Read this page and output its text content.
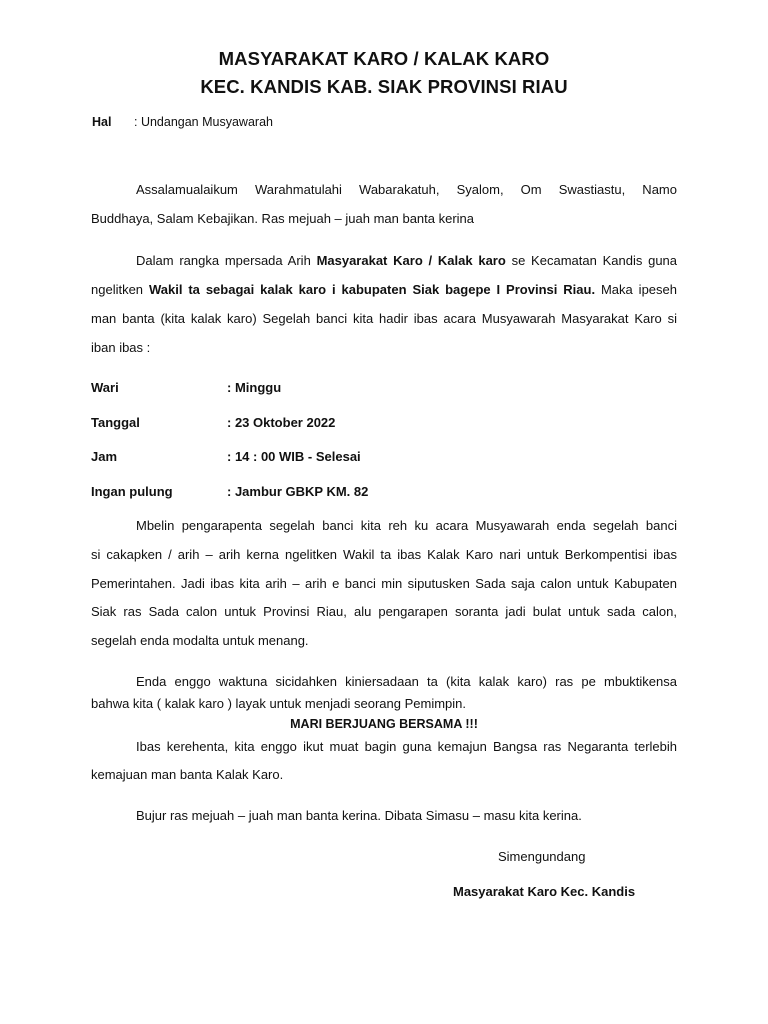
MASYARAKAT KARO / KALAK KARO
KEC. KANDIS KAB. SIAK PROVINSI RIAU
Hal : Undangan Musyawarah
Assalamualaikum Warahmatulahi Wabarakatuh, Syalom, Om Swastiastu, Namo
Buddhaya, Salam Kebajikan. Ras mejuah – juah man banta kerina
Dalam rangka mpersada Arih Masyarakat Karo / Kalak karo se Kecamatan Kandis guna
ngelitken Wakil ta sebagai kalak karo i kabupaten Siak bagepe I Provinsi Riau. Maka ipeseh
man banta (kita kalak karo) Segelah banci kita hadir ibas acara Musyawarah Masyarakat Karo si
iban ibas :
Wari	: Minggu
Tanggal	: 23 Oktober 2022
Jam	: 14 : 00 WIB - Selesai
Ingan pulung	: Jambur GBKP KM. 82
Mbelin pengarapenta segelah banci kita reh ku acara Musyawarah enda segelah banci
si cakapken / arih – arih kerna ngelitken Wakil ta ibas Kalak Karo nari untuk Berkompentisi ibas
Pemerintahen. Jadi ibas kita arih – arih e banci min siputusken Sada saja calon untuk Kabupaten
Siak ras Sada calon untuk Provinsi Riau, alu pengarapen soranta jadi bulat untuk sada calon,
segelah enda modalta untuk menang.
Enda enggo waktuna sicidahken kiniersadaan ta (kita kalak karo) ras pe mbuktikensa
bahwa kita ( kalak karo ) layak untuk menjadi seorang Pemimpin.
MARI BERJUANG BERSAMA !!!
Ibas kerehenta, kita enggo ikut muat bagin guna kemajun Bangsa ras Negaranta terlebih
kemajuan man banta Kalak Karo.
Bujur ras mejuah – juah man banta kerina. Dibata Simasu – masu kita kerina.
Simengundang
Masyarakat Karo Kec. Kandis
